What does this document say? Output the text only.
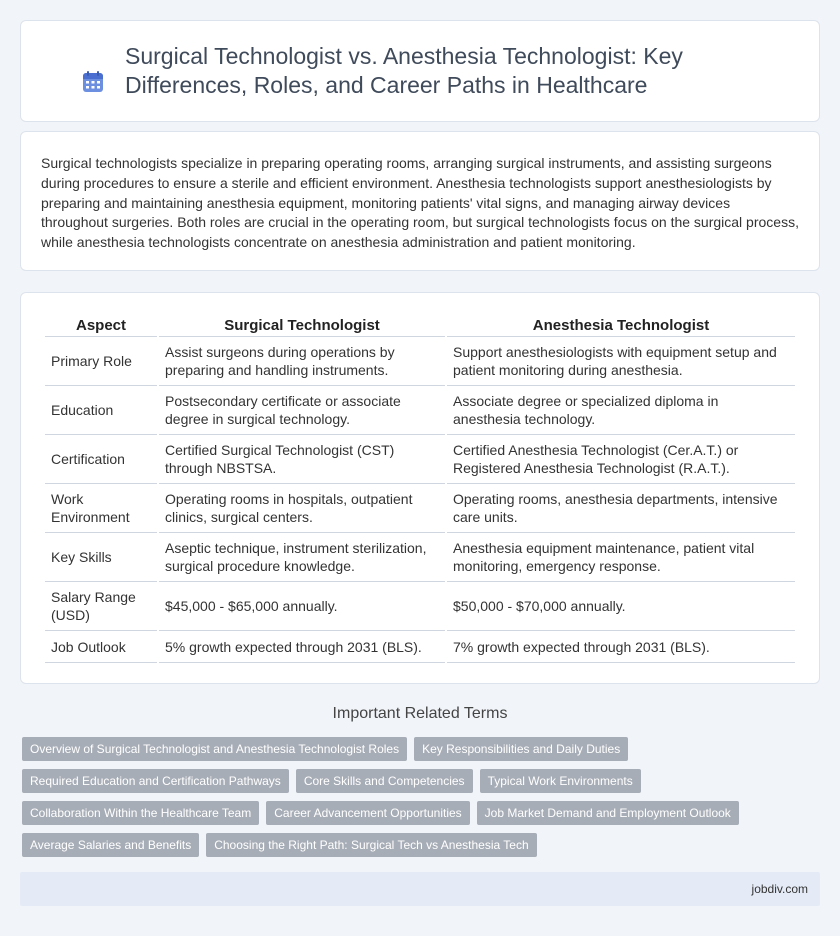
Surgical Technologist vs. Anesthesia Technologist: Key Differences, Roles, and Career Paths in Healthcare

Surgical technologists specialize in preparing operating rooms, arranging surgical instruments, and assisting surgeons during procedures to ensure a sterile and efficient environment. Anesthesia technologists support anesthesiologists by preparing and maintaining anesthesia equipment, monitoring patients' vital signs, and managing airway devices throughout surgeries. Both roles are crucial in the operating room, but surgical technologists focus on the surgical process, while anesthesia technologists concentrate on anesthesia administration and patient monitoring.

Aspect	Surgical Technologist	Anesthesia Technologist
Primary Role	Assist surgeons during operations by preparing and handling instruments.	Support anesthesiologists with equipment setup and patient monitoring during anesthesia.
Education	Postsecondary certificate or associate degree in surgical technology.	Associate degree or specialized diploma in anesthesia technology.
Certification	Certified Surgical Technologist (CST) through NBSTSA.	Certified Anesthesia Technologist (Cer.A.T.) or Registered Anesthesia Technologist (R.A.T.).
Work Environment	Operating rooms in hospitals, outpatient clinics, surgical centers.	Operating rooms, anesthesia departments, intensive care units.
Key Skills	Aseptic technique, instrument sterilization, surgical procedure knowledge.	Anesthesia equipment maintenance, patient vital monitoring, emergency response.
Salary Range (USD)	$45,000 - $65,000 annually.	$50,000 - $70,000 annually.
Job Outlook	5% growth expected through 2031 (BLS).	7% growth expected through 2031 (BLS).
Important Related Terms
Overview of Surgical Technologist and Anesthesia Technologist Roles	Key Responsibilities and Daily Duties
Required Education and Certification Pathways	Core Skills and Competencies	Typical Work Environments
Collaboration Within the Healthcare Team	Career Advancement Opportunities	Job Market Demand and Employment Outlook
Average Salaries and Benefits	Choosing the Right Path: Surgical Tech vs Anesthesia Tech
jobdiv.com
